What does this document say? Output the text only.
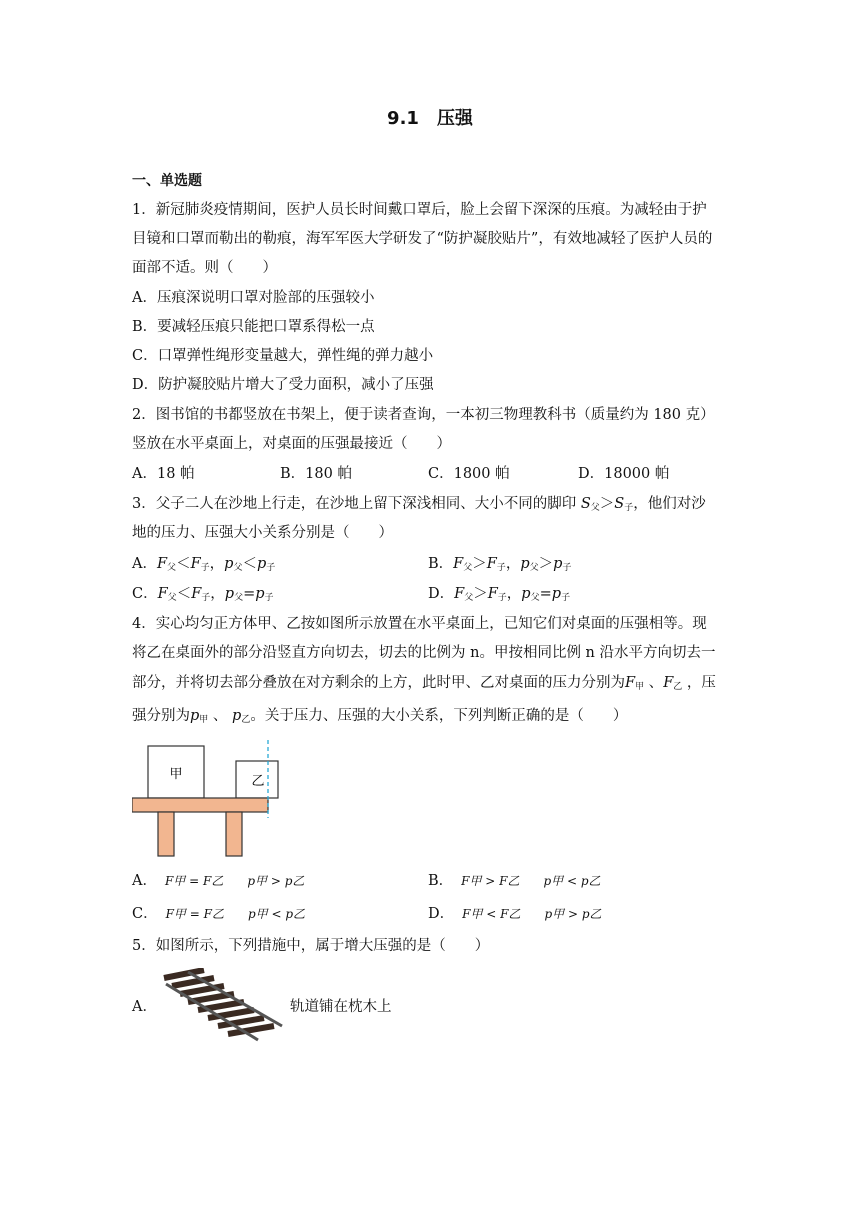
9.1 压强
一、单选题
1．新冠肺炎疫情期间，医护人员长时间戴口罩后，脸上会留下深深的压痕。为减轻由于护
目镜和口罩而勒出的勒痕，海军军医大学研发了“防护凝胶贴片”，有效地减轻了医护人员的
面部不适。则（　　）
A．压痕深说明口罩对脸部的压强较小
B．要减轻压痕只能把口罩系得松一点
C．口罩弹性绳形变量越大，弹性绳的弹力越小
D．防护凝胶贴片增大了受力面积，减小了压强
2．图书馆的书都竖放在书架上，便于读者查询，一本初三物理教科书（质量约为 180 克）
竖放在水平桌面上，对桌面的压强最接近（　　）
A．18 帕	B．180 帕	C．1800 帕	D．18000 帕
3．父子二人在沙地上行走，在沙地上留下深浅相同、大小不同的脚印 $S_父>S_子$，他们对沙
地的压力、压强大小关系分别是（　　）
A．$F_父<F_子$，$p_父<p_子$	B．$F_父>F_子$，$p_父>p_子$
C．$F_父<F_子$，$p_父=p_子$	D．$F_父>F_子$，$p_父=p_子$
4．实心均匀正方体甲、乙按如图所示放置在水平桌面上，已知它们对桌面的压强相等。现
将乙在桌面外的部分沿竖直方向切去，切去的比例为 n。甲按相同比例 n 沿水平方向切去一
部分，并将切去部分叠放在对方剩余的上方，此时甲、乙对桌面的压力分别为$F_甲$ 、$F_乙$ ，压
强分别为$p_甲$ 、 $p_乙$。关于压力、压强的大小关系，下列判断正确的是（　　）
甲	乙
A． F甲 = F乙 p甲 > p乙	B． F甲 > F乙 p甲 < p乙
C． F甲 = F乙 p甲 < p乙	D． F甲 < F乙 p甲 > p乙
5．如图所示，下列措施中，属于增大压强的是（　　）
A．	轨道铺在枕木上
